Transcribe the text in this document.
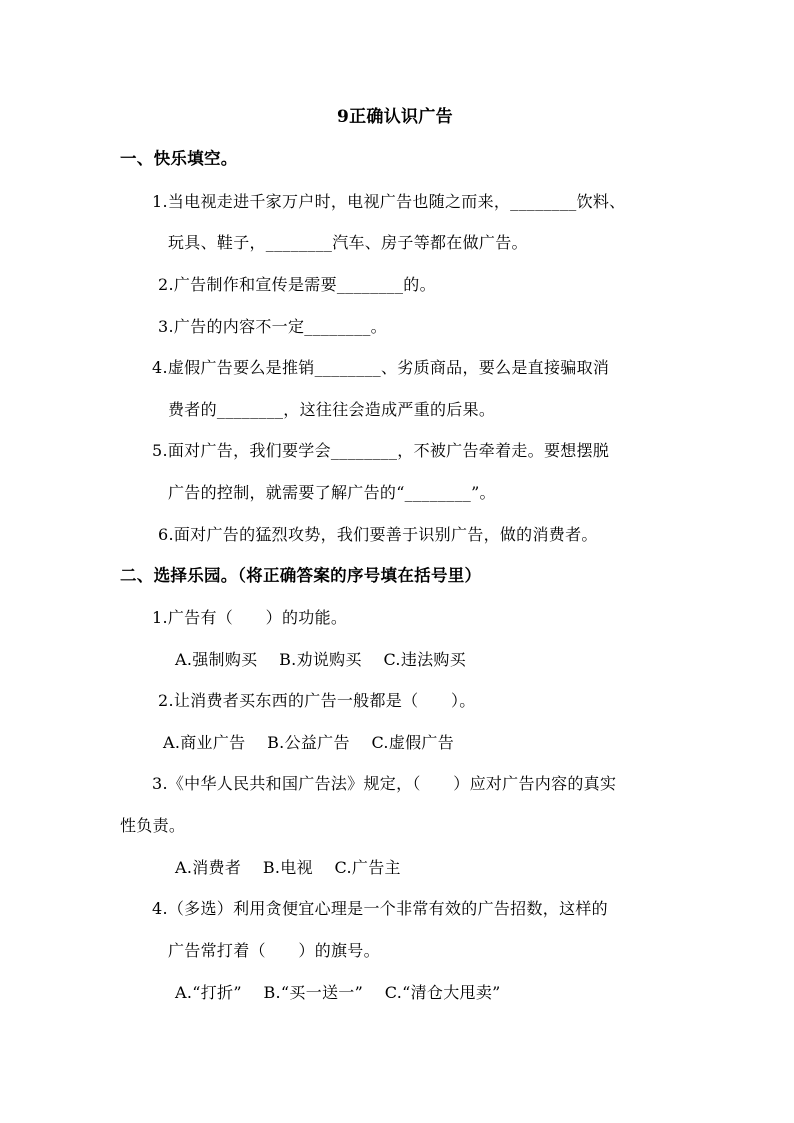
9正确认识广告
一、快乐填空。
1.当电视走进千家万户时，电视广告也随之而来，________饮料、
玩具、鞋子，________汽车、房子等都在做广告。
2.广告制作和宣传是需要________的。
3.广告的内容不一定________。
4.虚假广告要么是推销________、劣质商品，要么是直接骗取消
费者的________，这往往会造成严重的后果。
5.面对广告，我们要学会________，不被广告牵着走。要想摆脱
广告的控制，就需要了解广告的“________”。
6.面对广告的猛烈攻势，我们要善于识别广告，做的消费者。
二、选择乐园。（将正确答案的序号填在括号里）
1.广告有（　　）的功能。
A.强制购买　 B.劝说购买　 C.违法购买
2.让消费者买东西的广告一般都是（　　）。
A.商业广告　 B.公益广告　 C.虚假广告
3.《中华人民共和国广告法》规定，（　　）应对广告内容的真实
性负责。
A.消费者　 B.电视　 C.广告主
4.（多选）利用贪便宜心理是一个非常有效的广告招数，这样的
广告常打着（　　）的旗号。
A.“打折”　 B.“买一送一”　 C.“清仓大甩卖”
